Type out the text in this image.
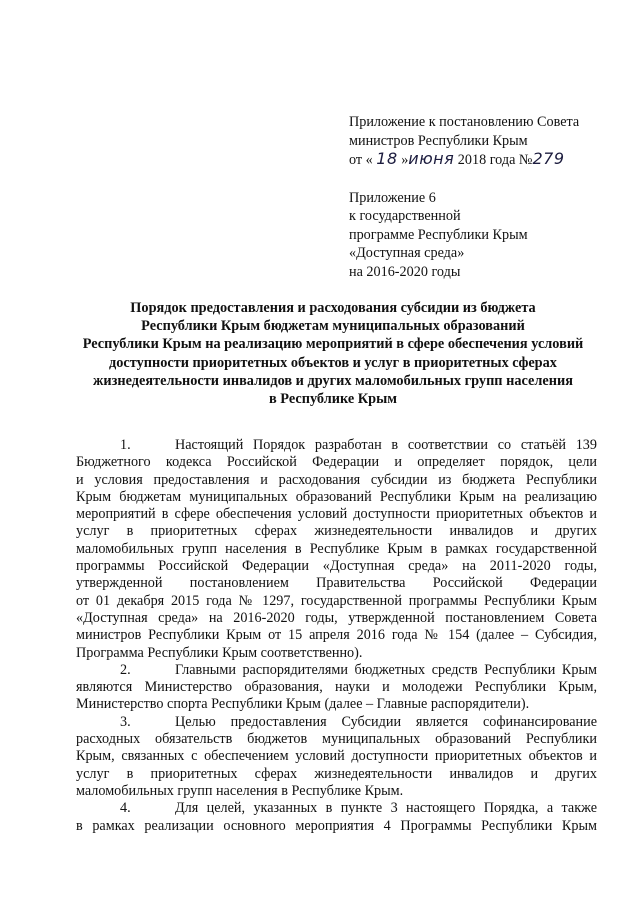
Приложение к постановлению Совета
министров Республики Крым
от « 18 »июня 2018 года №279
Приложение 6
к государственной
программе Республики Крым
«Доступная среда»
на 2016-2020 годы
Порядок предоставления и расходования субсидии из бюджета
Республики Крым бюджетам муниципальных образований
Республики Крым на реализацию мероприятий в сфере обеспечения условий
доступности приоритетных объектов и услуг в приоритетных сферах
жизнедеятельности инвалидов и других маломобильных групп населения
в Республике Крым
1.	Настоящий Порядок разработан в соответствии со статьёй 139
Бюджетного кодекса Российской Федерации и определяет порядок, цели
и условия предоставления и расходования субсидии из бюджета Республики
Крым бюджетам муниципальных образований Республики Крым на реализацию
мероприятий в сфере обеспечения условий доступности приоритетных объектов и
услуг в приоритетных сферах жизнедеятельности инвалидов и других
маломобильных групп населения в Республике Крым в рамках государственной
программы Российской Федерации «Доступная среда» на 2011-2020 годы,
утвержденной постановлением Правительства Российской Федерации
от 01 декабря 2015 года № 1297, государственной программы Республики Крым
«Доступная среда» на 2016-2020 годы, утвержденной постановлением Совета
министров Республики Крым от 15 апреля 2016 года № 154 (далее – Субсидия,
Программа Республики Крым соответственно).
2.	Главными распорядителями бюджетных средств Республики Крым
являются Министерство образования, науки и молодежи Республики Крым,
Министерство спорта Республики Крым (далее – Главные распорядители).
3.	Целью предоставления Субсидии является софинансирование
расходных обязательств бюджетов муниципальных образований Республики
Крым, связанных с обеспечением условий доступности приоритетных объектов и
услуг в приоритетных сферах жизнедеятельности инвалидов и других
маломобильных групп населения в Республике Крым.
4.	Для целей, указанных в пункте 3 настоящего Порядка, а также
в рамках реализации основного мероприятия 4 Программы Республики Крым
